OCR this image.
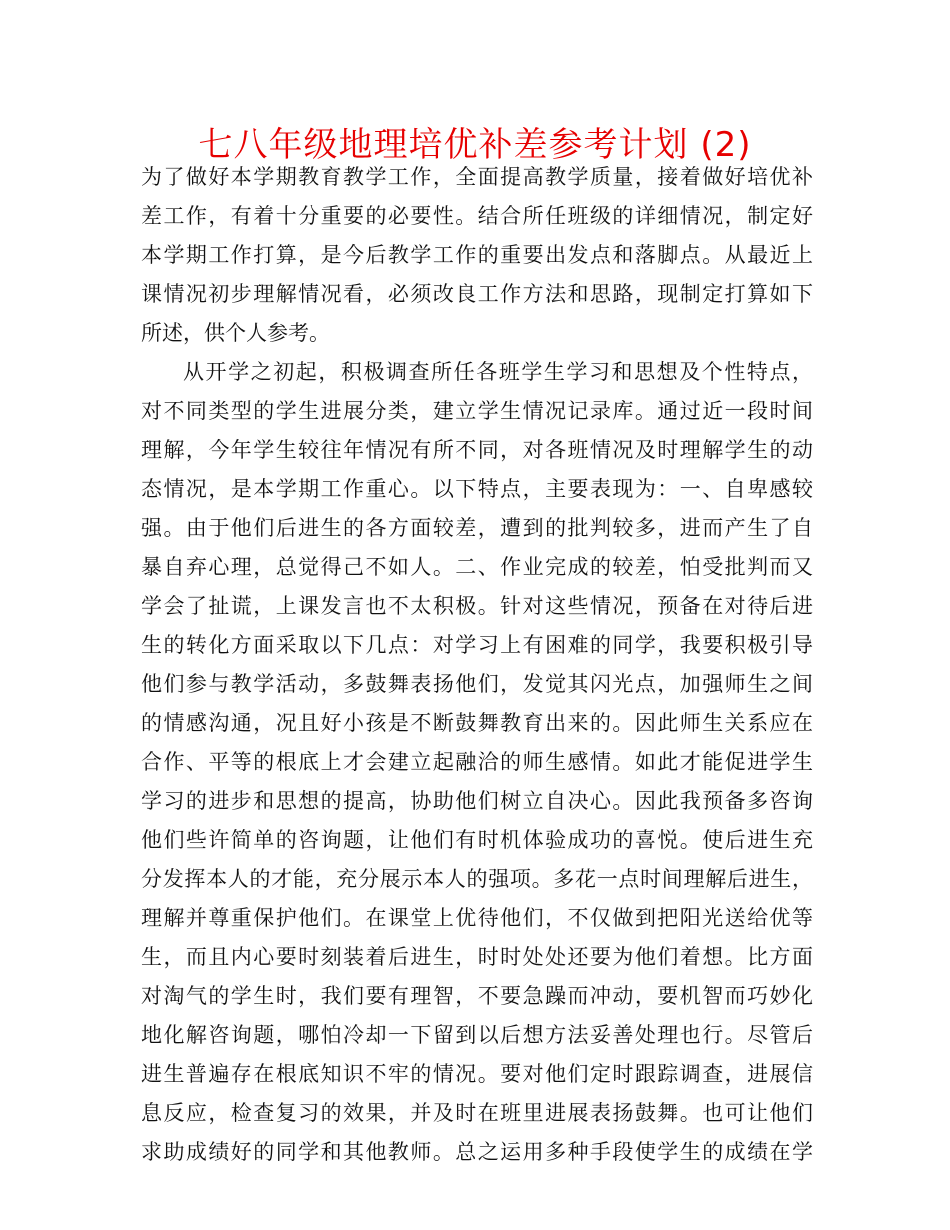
七八年级地理培优补差参考计划 (2)
为了做好本学期教育教学工作，全面提高教学质量，接着做好培优补
差工作，有着十分重要的必要性。结合所任班级的详细情况，制定好
本学期工作打算，是今后教学工作的重要出发点和落脚点。从最近上
课情况初步理解情况看，必须改良工作方法和思路，现制定打算如下
所述，供个人参考。
从开学之初起，积极调查所任各班学生学习和思想及个性特点，
对不同类型的学生进展分类，建立学生情况记录库。通过近一段时间
理解，今年学生较往年情况有所不同，对各班情况及时理解学生的动
态情况，是本学期工作重心。以下特点，主要表现为：一、自卑感较
强。由于他们后进生的各方面较差，遭到的批判较多，进而产生了自
暴自弃心理，总觉得己不如人。二、作业完成的较差，怕受批判而又
学会了扯谎，上课发言也不太积极。针对这些情况，预备在对待后进
生的转化方面采取以下几点：对学习上有困难的同学，我要积极引导
他们参与教学活动，多鼓舞表扬他们，发觉其闪光点，加强师生之间
的情感沟通，况且好小孩是不断鼓舞教育出来的。因此师生关系应在
合作、平等的根底上才会建立起融洽的师生感情。如此才能促进学生
学习的进步和思想的提高，协助他们树立自决心。因此我预备多咨询
他们些许简单的咨询题，让他们有时机体验成功的喜悦。使后进生充
分发挥本人的才能，充分展示本人的强项。多花一点时间理解后进生，
理解并尊重保护他们。在课堂上优待他们，不仅做到把阳光送给优等
生，而且内心要时刻装着后进生，时时处处还要为他们着想。比方面
对淘气的学生时，我们要有理智，不要急躁而冲动，要机智而巧妙化
地化解咨询题，哪怕冷却一下留到以后想方法妥善处理也行。尽管后
进生普遍存在根底知识不牢的情况。要对他们定时跟踪调查，进展信
息反应，检查复习的效果，并及时在班里进展表扬鼓舞。也可让他们
求助成绩好的同学和其他教师。总之运用多种手段使学生的成绩在学
